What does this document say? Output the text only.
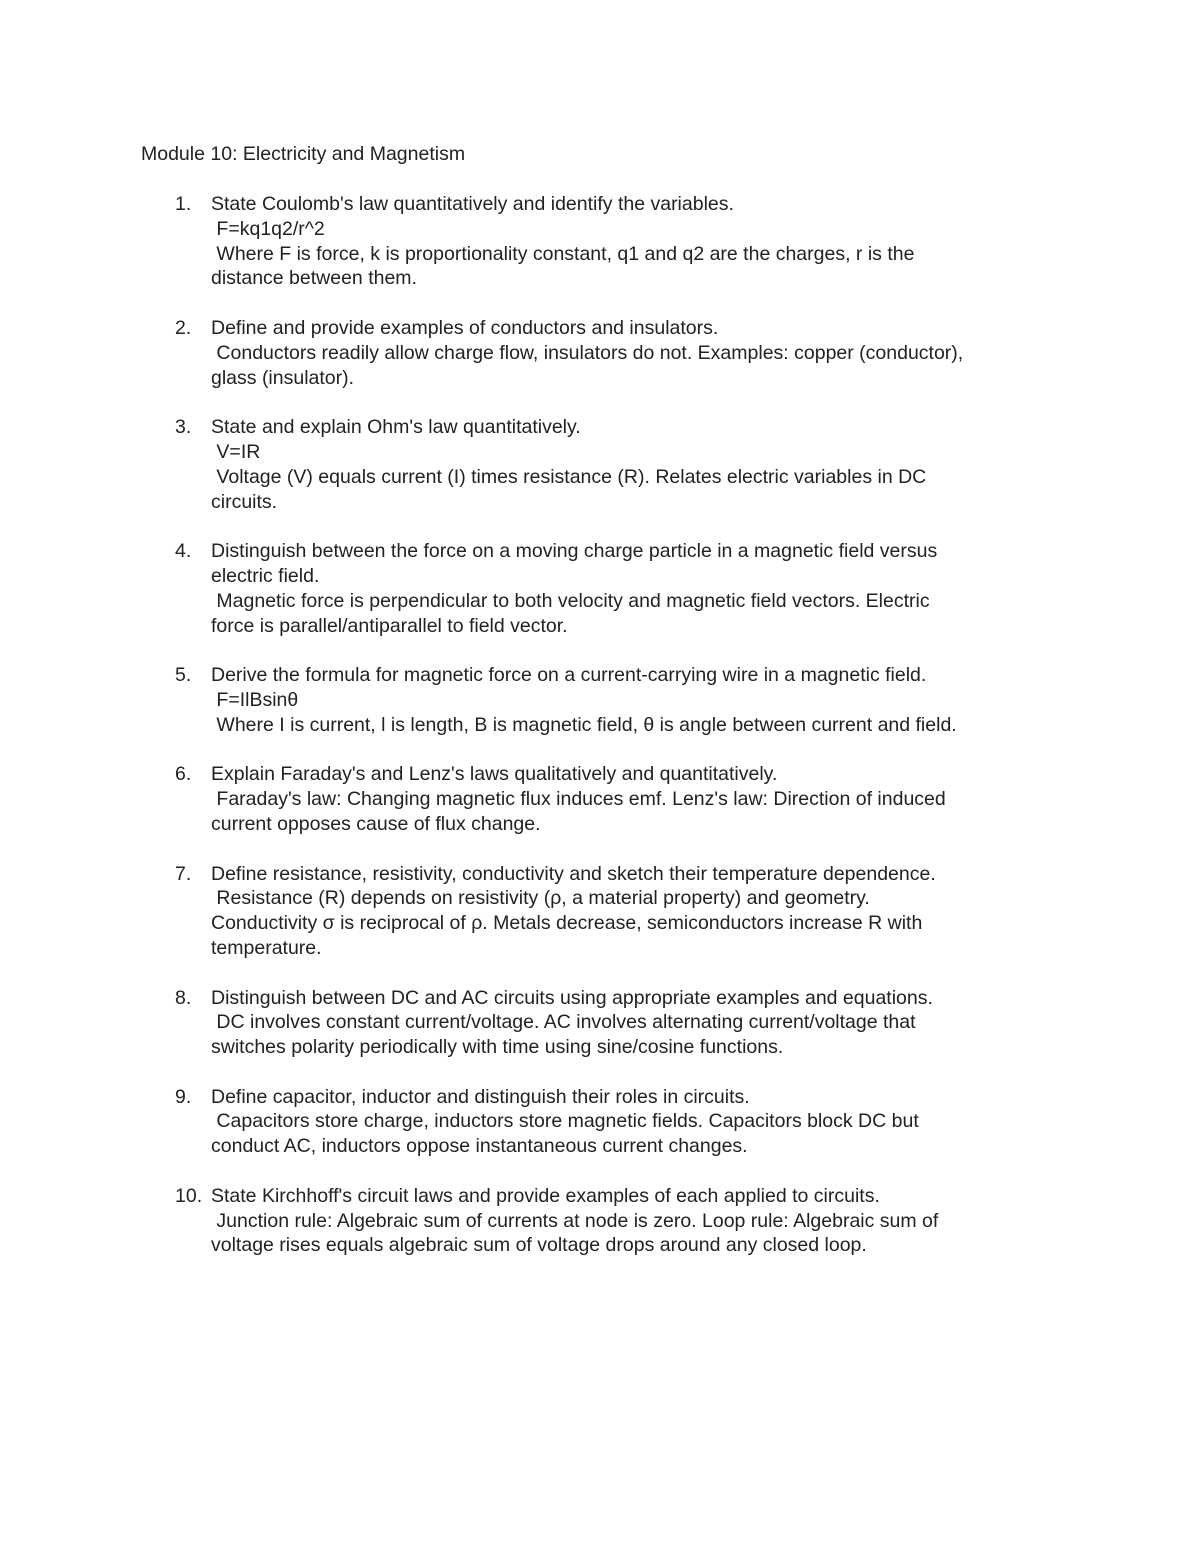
Module 10: Electricity and Magnetism
1. State Coulomb's law quantitatively and identify the variables.
F=kq1q2/r^2
Where F is force, k is proportionality constant, q1 and q2 are the charges, r is the
distance between them.
2. Define and provide examples of conductors and insulators.
Conductors readily allow charge flow, insulators do not. Examples: copper (conductor),
glass (insulator).
3. State and explain Ohm's law quantitatively.
V=IR
Voltage (V) equals current (I) times resistance (R). Relates electric variables in DC
circuits.
4. Distinguish between the force on a moving charge particle in a magnetic field versus
electric field.
Magnetic force is perpendicular to both velocity and magnetic field vectors. Electric
force is parallel/antiparallel to field vector.
5. Derive the formula for magnetic force on a current-carrying wire in a magnetic field.
F=IlBsinθ
Where I is current, l is length, B is magnetic field, θ is angle between current and field.
6. Explain Faraday's and Lenz's laws qualitatively and quantitatively.
Faraday's law: Changing magnetic flux induces emf. Lenz's law: Direction of induced
current opposes cause of flux change.
7. Define resistance, resistivity, conductivity and sketch their temperature dependence.
Resistance (R) depends on resistivity (ρ, a material property) and geometry.
Conductivity σ is reciprocal of ρ. Metals decrease, semiconductors increase R with
temperature.
8. Distinguish between DC and AC circuits using appropriate examples and equations.
DC involves constant current/voltage. AC involves alternating current/voltage that
switches polarity periodically with time using sine/cosine functions.
9. Define capacitor, inductor and distinguish their roles in circuits.
Capacitors store charge, inductors store magnetic fields. Capacitors block DC but
conduct AC, inductors oppose instantaneous current changes.
10. State Kirchhoff's circuit laws and provide examples of each applied to circuits.
Junction rule: Algebraic sum of currents at node is zero. Loop rule: Algebraic sum of
voltage rises equals algebraic sum of voltage drops around any closed loop.
